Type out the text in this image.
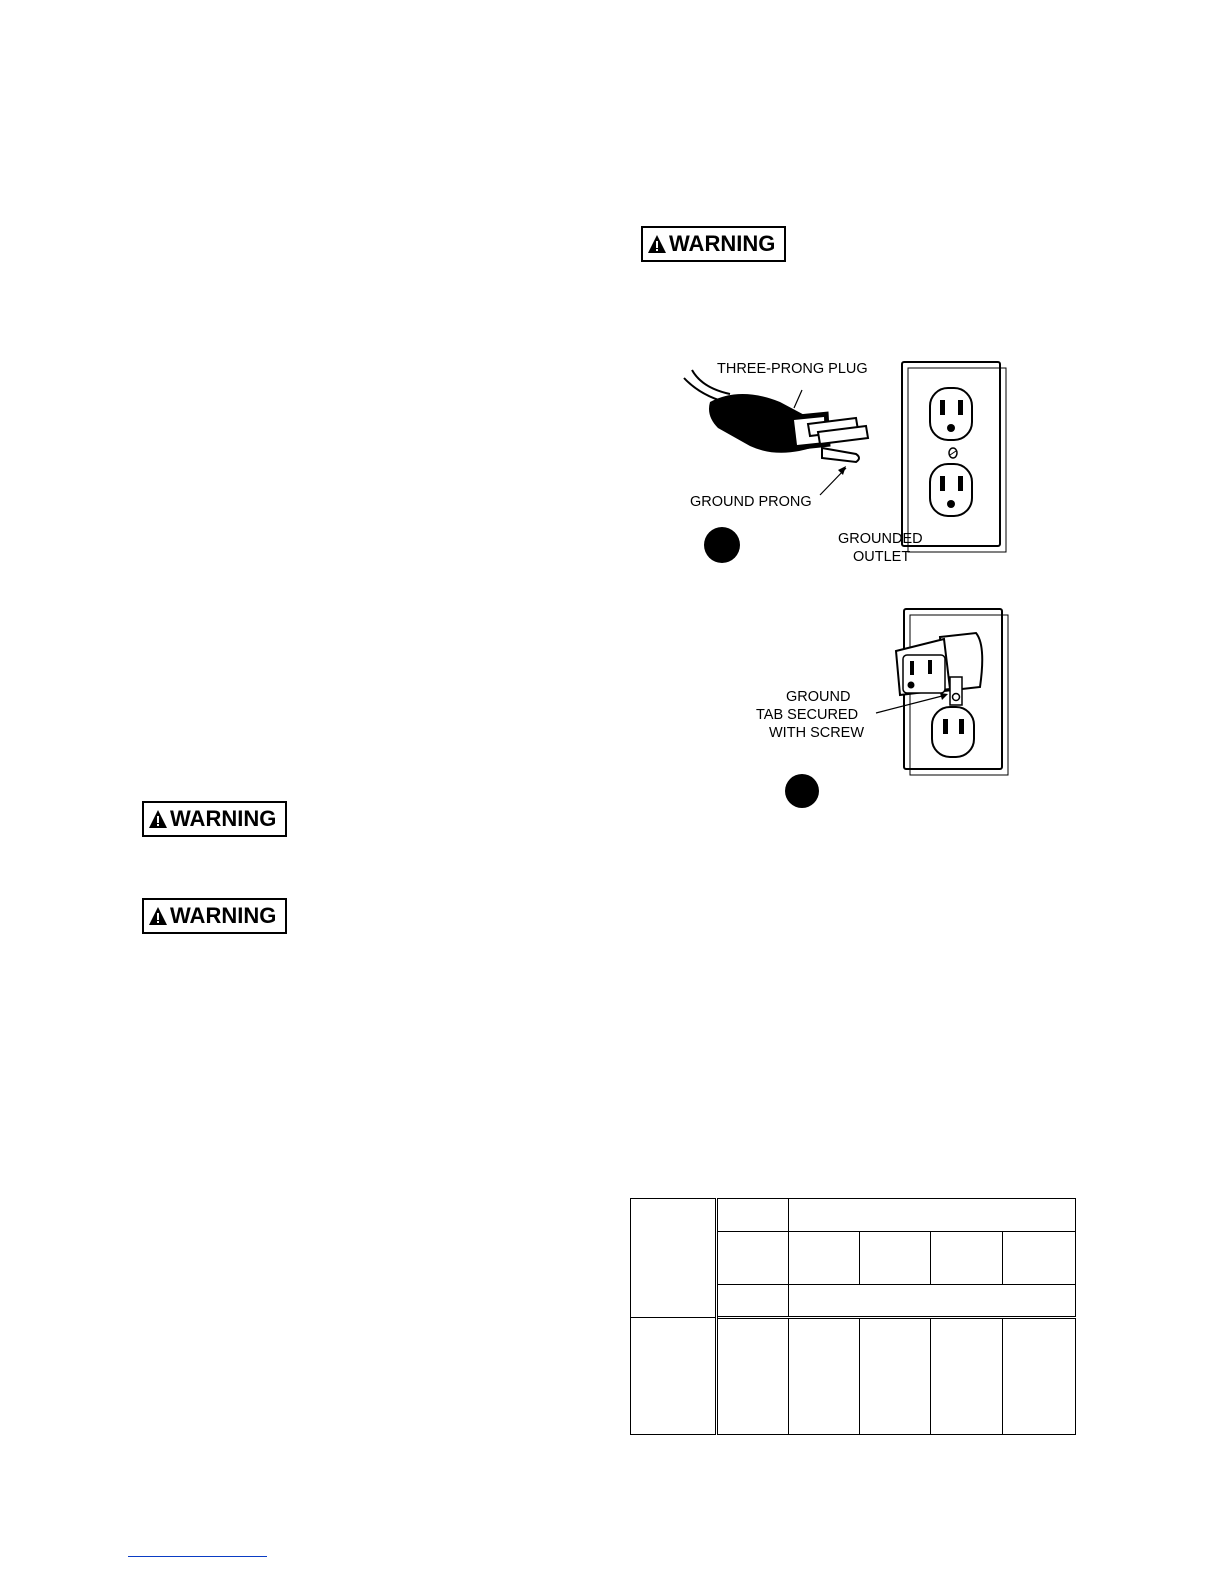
WARNING
WARNING
WARNING
THREE-PRONG PLUG
GROUND PRONG
GROUNDED
OUTLET
A
GROUND
TAB SECURED
WITH SCREW
B
